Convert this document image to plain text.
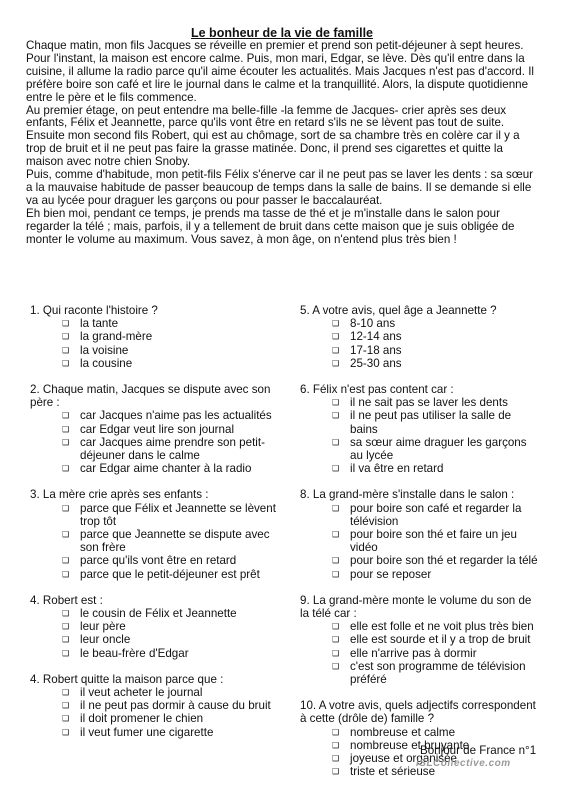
Le bonheur de la vie de famille

Chaque matin, mon fils Jacques se réveille en premier et prend son petit-déjeuner à sept heures. Pour l'instant, la maison est encore calme. Puis, mon mari, Edgar, se lève. Dès qu'il entre dans la cuisine, il allume la radio parce qu'il aime écouter les actualités. Mais Jacques n'est pas d'accord. Il préfère boire son café et lire le journal dans le calme et la tranquillité. Alors, la dispute quotidienne entre le père et le fils commence.

Au premier étage, on peut entendre ma belle-fille -la femme de Jacques- crier après ses deux enfants, Félix et Jeannette, parce qu'ils vont être en retard s'ils ne se lèvent pas tout de suite.

Ensuite mon second fils Robert, qui est au chômage, sort de sa chambre très en colère car il y a trop de bruit et il ne peut pas faire la grasse matinée. Donc, il prend ses cigarettes et quitte la maison avec notre chien Snoby.

Puis, comme d'habitude, mon petit-fils Félix s'énerve car il ne peut pas se laver les dents : sa sœur a la mauvaise habitude de passer beaucoup de temps dans la salle de bains. Il se demande si elle va au lycée pour draguer les garçons ou pour passer le baccalauréat.

Eh bien moi, pendant ce temps, je prends ma tasse de thé et je m'installe dans le salon pour regarder la télé ; mais, parfois, il y a tellement de bruit dans cette maison que je suis obligée de monter le volume au maximum. Vous savez, à mon âge, on n'entend plus très bien !

1. Qui raconte l'histoire ?
❑ la tante
❑ la grand-mère
❑ la voisine
❑ la cousine
2. Chaque matin, Jacques se dispute avec son père :
❑ car Jacques n'aime pas les actualités
❑ car Edgar veut lire son journal
❑ car Jacques aime prendre son petit-déjeuner dans le calme
❑ car Edgar aime chanter à la radio
3. La mère crie après ses enfants :
❑ parce que Félix et Jeannette se lèvent trop tôt
❑ parce que Jeannette se dispute avec son frère
❑ parce qu'ils vont être en retard
❑ parce que le petit-déjeuner est prêt
4. Robert est :
❑ le cousin de Félix et Jeannette
❑ leur père
❑ leur oncle
❑ le beau-frère d'Edgar
4. Robert quitte la maison parce que :
❑ il veut acheter le journal
❑ il ne peut pas dormir à cause du bruit
❑ il doit promener le chien
❑ il veut fumer une cigarette
5. A votre avis, quel âge a Jeannette ?
❑ 8-10 ans
❑ 12-14 ans
❑ 17-18 ans
❑ 25-30 ans
6. Félix n'est pas content car :
❑ il ne sait pas se laver les dents
❑ il ne peut pas utiliser la salle de bains
❑ sa sœur aime draguer les garçons au lycée
❑ il va être en retard
8. La grand-mère s'installe dans le salon :
❑ pour boire son café et regarder la télévision
❑ pour boire son thé et faire un jeu vidéo
❑ pour boire son thé et regarder la télé
❑ pour se reposer
9. La grand-mère monte le volume du son de la télé car :
❑ elle est folle et ne voit plus très bien
❑ elle est sourde et il y a trop de bruit
❑ elle n'arrive pas à dormir
❑ c'est son programme de télévision préféré
10. A votre avis, quels adjectifs correspondent à cette (drôle de) famille ?
❑ nombreuse et calme
❑ nombreuse et bruyante
❑ joyeuse et organisée
❑ triste et sérieuse
Bonjour de France n°1
iSLCollective.com
